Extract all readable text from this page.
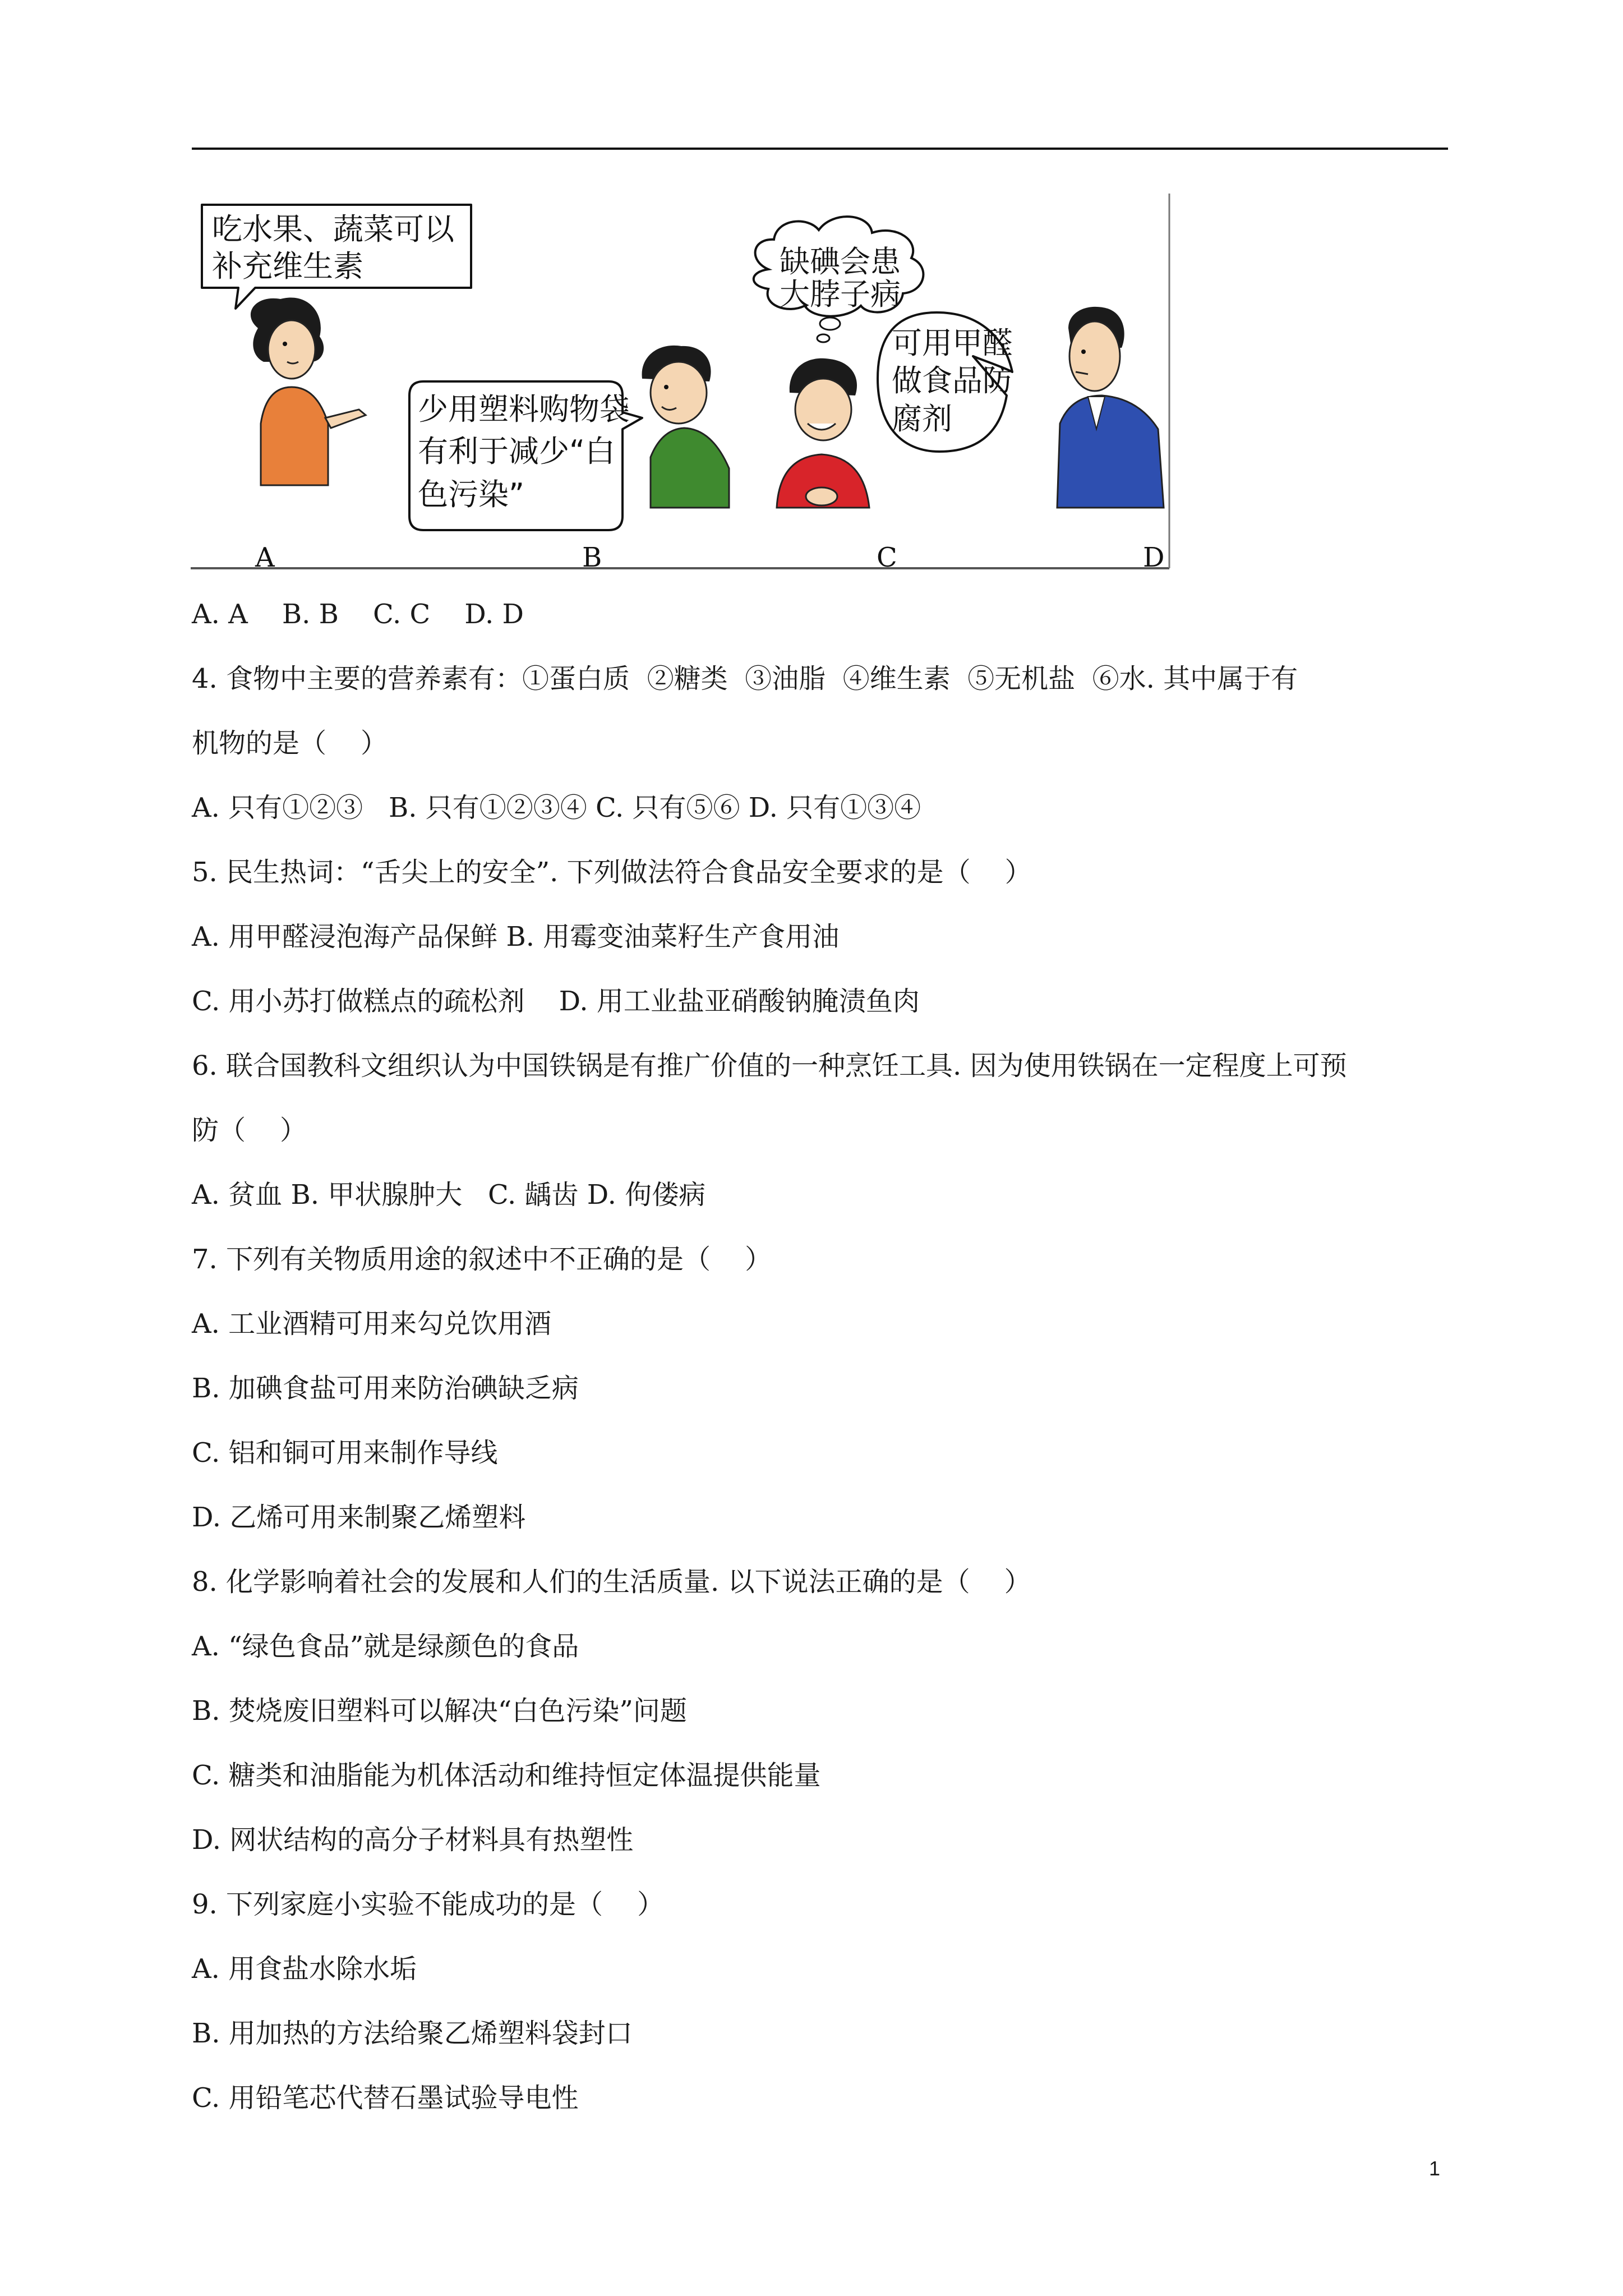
吃水果、蔬菜可以
补充维生素
少用塑料购物袋
有利于减少“白
色污染”
缺碘会患
大脖子病
可用甲醛
做食品防
腐剂
A	B	C	D
A. A    B. B    C. C    D. D
4. 食物中主要的营养素有：①蛋白质  ②糖类  ③油脂  ④维生素  ⑤无机盐  ⑥水. 其中属于有
机物的是（    ）
A. 只有①②③   B. 只有①②③④ C. 只有⑤⑥ D. 只有①③④
5. 民生热词：“舌尖上的安全”. 下列做法符合食品安全要求的是（    ）
A. 用甲醛浸泡海产品保鲜 B. 用霉变油菜籽生产食用油
C. 用小苏打做糕点的疏松剂    D. 用工业盐亚硝酸钠腌渍鱼肉
6. 联合国教科文组织认为中国铁锅是有推广价值的一种烹饪工具. 因为使用铁锅在一定程度上可预
防（    ）
A. 贫血 B. 甲状腺肿大   C. 龋齿 D. 佝偻病
7. 下列有关物质用途的叙述中不正确的是（    ）
A. 工业酒精可用来勾兑饮用酒
B. 加碘食盐可用来防治碘缺乏病
C. 铝和铜可用来制作导线
D. 乙烯可用来制聚乙烯塑料
8. 化学影响着社会的发展和人们的生活质量. 以下说法正确的是（    ）
A. “绿色食品”就是绿颜色的食品
B. 焚烧废旧塑料可以解决“白色污染”问题
C. 糖类和油脂能为机体活动和维持恒定体温提供能量
D. 网状结构的高分子材料具有热塑性
9. 下列家庭小实验不能成功的是（    ）
A. 用食盐水除水垢
B. 用加热的方法给聚乙烯塑料袋封口
C. 用铅笔芯代替石墨试验导电性
1
